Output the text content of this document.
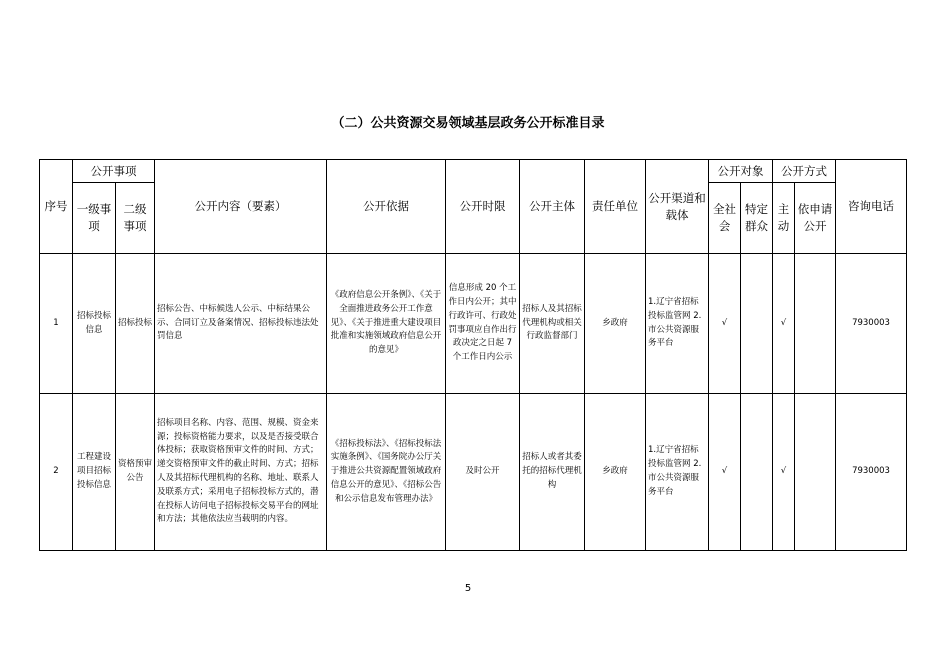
（二）公共资源交易领域基层政务公开标准目录
序号	公开事项		公开内容（要素）	公开依据	公开时限	公开主体	责任单位	公开渠道和载体	公开对象		公开方式		咨询电话
	一级事项	二级事项							全社会	特定群众	主动	依申请公开	
1	招标投标信息	招标投标	招标公告、中标候选人公示、中标结果公示、合同订立及备案情况、招标投标违法处罚信息	《政府信息公开条例》、《关于全面推进政务公开工作意见》、《关于推进重大建设项目批准和实施领域政府信息公开的意见》	信息形成 20 个工作日内公开；其中行政许可、行政处罚事项应自作出行政决定之日起 7 个工作日内公示	招标人及其招标代理机构或相关行政监督部门	乡政府	1.辽宁省招标投标监管网 2.市公共资源服务平台	√		√		7930003
2	工程建设项目招标投标信息	资格预审公告	招标项目名称、内容、范围、规模、资金来源；投标资格能力要求，以及是否接受联合体投标；获取资格预审文件的时间、方式；递交资格预审文件的截止时间、方式；招标人及其招标代理机构的名称、地址、联系人及联系方式；采用电子招标投标方式的，潜在投标人访问电子招标投标交易平台的网址和方法；其他依法应当载明的内容。	《招标投标法》、《招标投标法实施条例》、《国务院办公厅关于推进公共资源配置领域政府信息公开的意见》、《招标公告和公示信息发布管理办法》	及时公开	招标人或者其委托的招标代理机构	乡政府	1.辽宁省招标投标监管网 2.市公共资源服务平台	√		√		7930003
5
